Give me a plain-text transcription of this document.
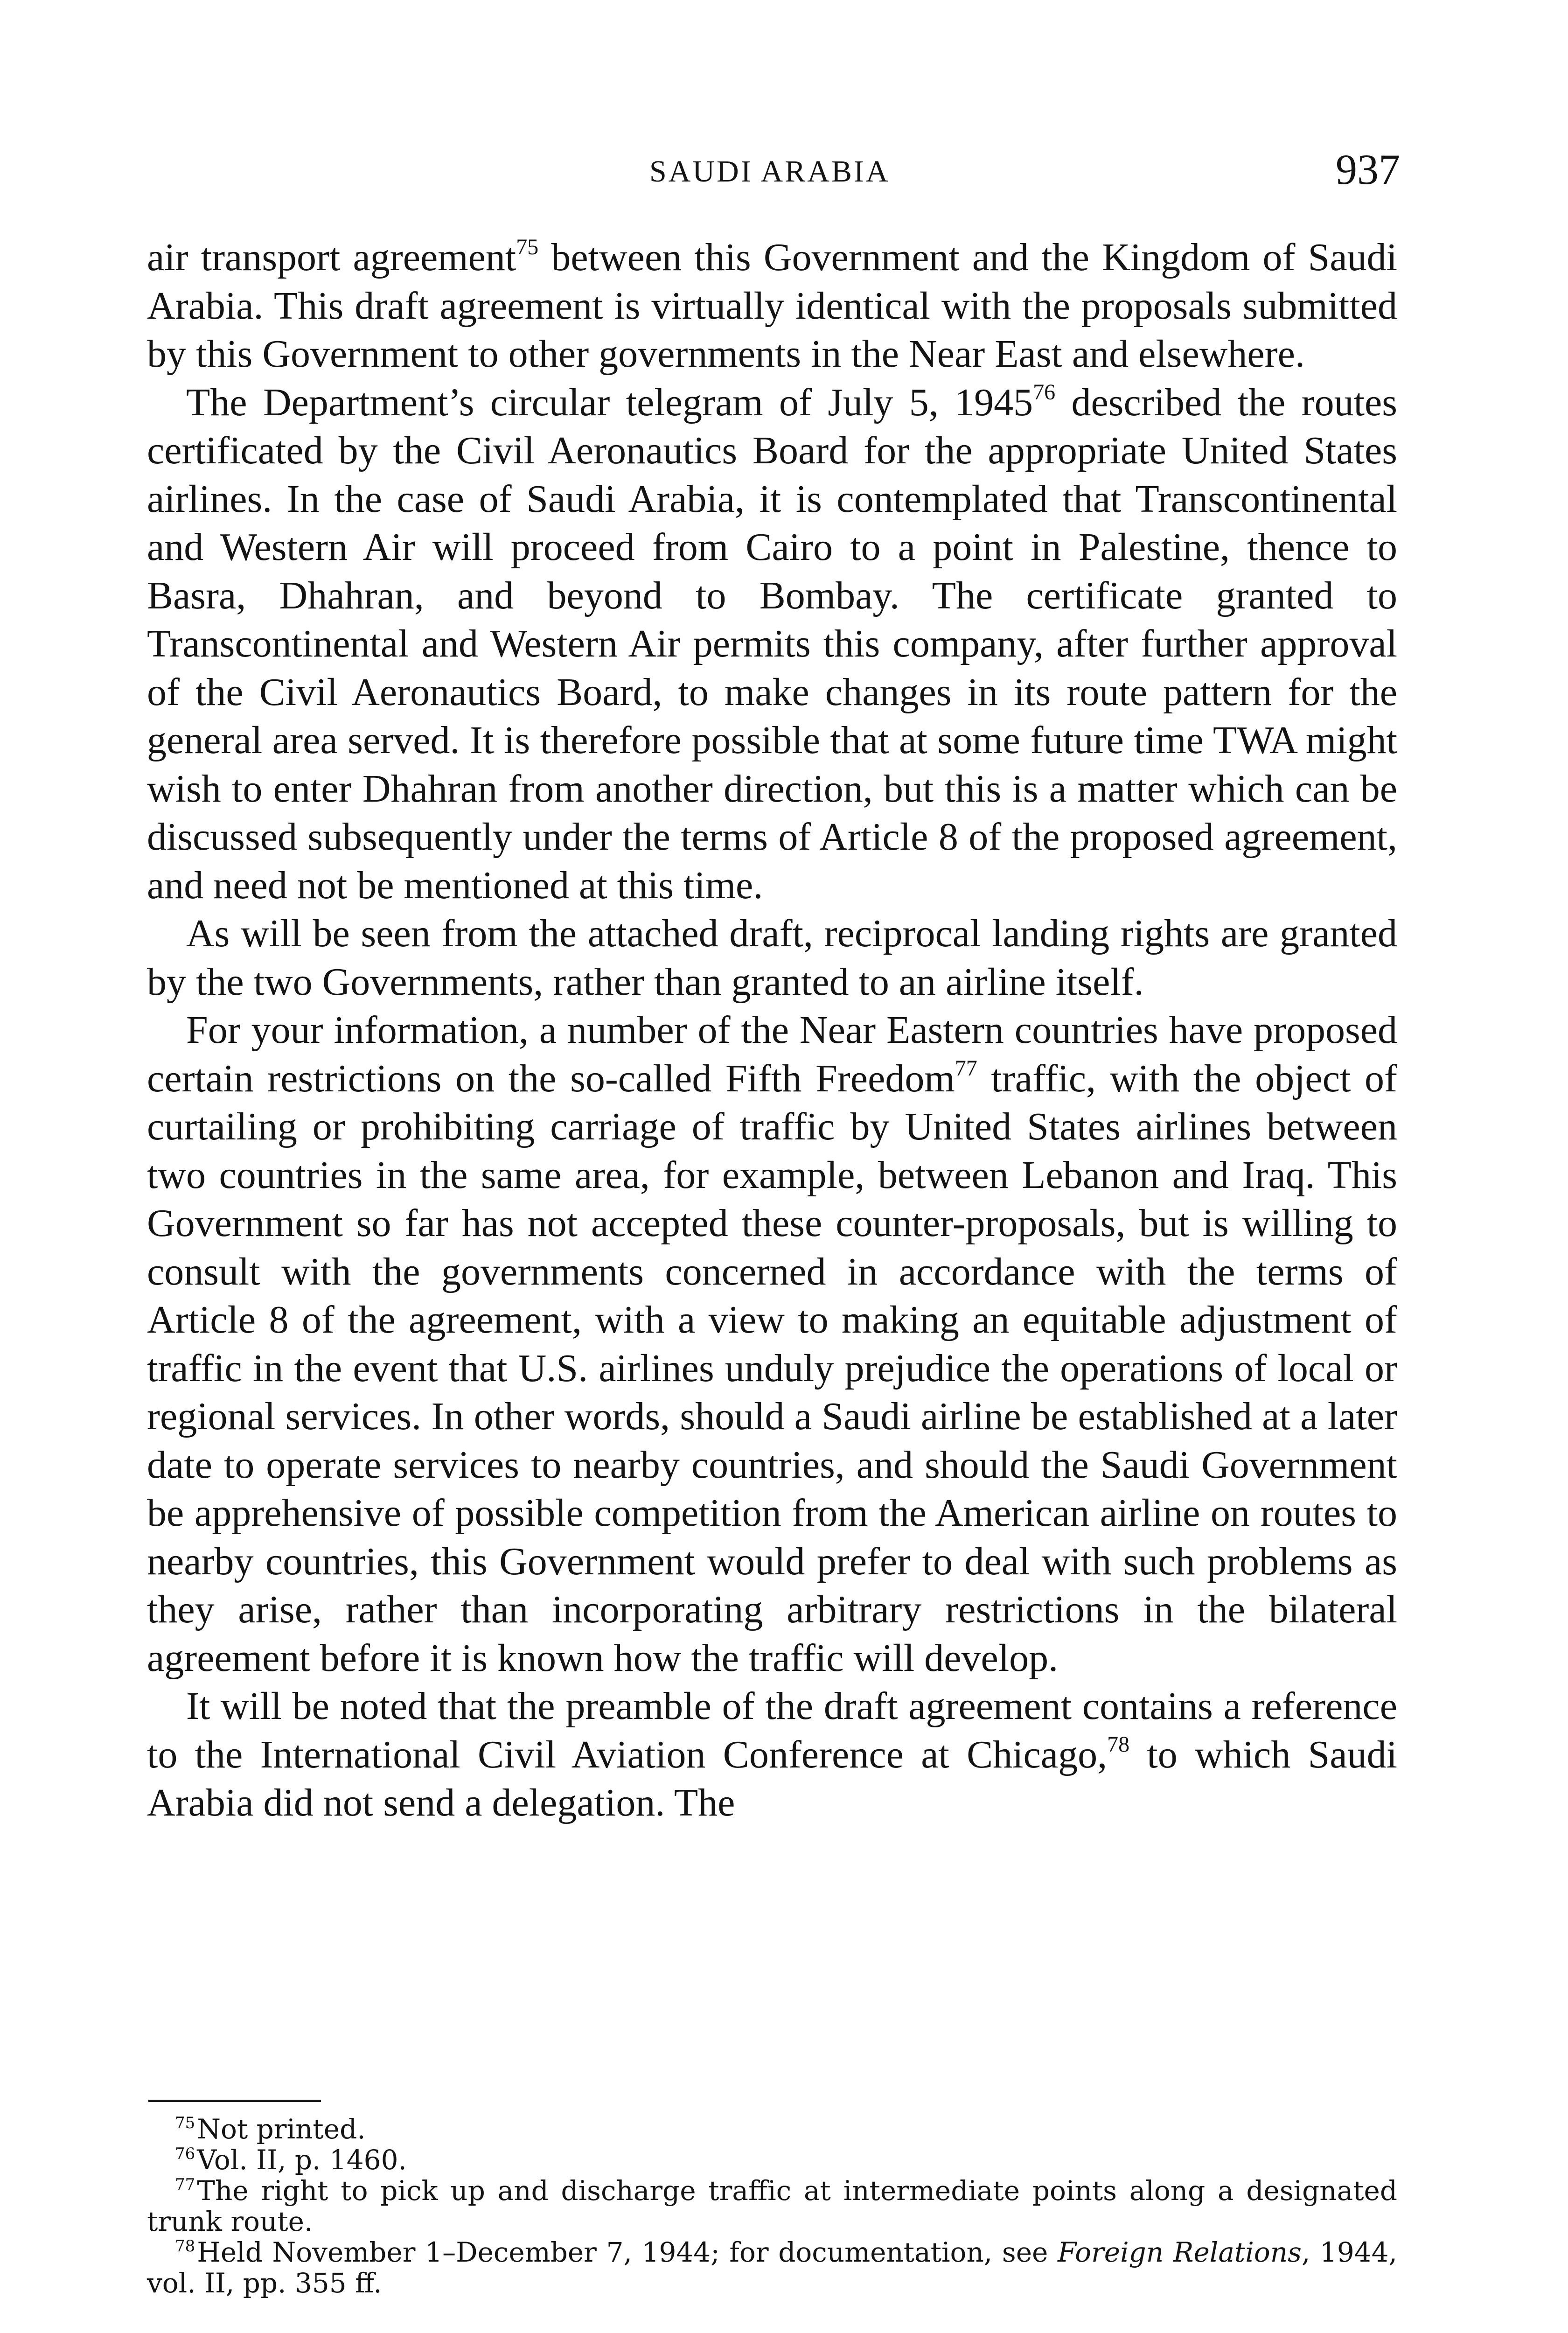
SAUDI ARABIA	937

air transport agreement$^{75}$ between this Government and the Kingdom of Saudi Arabia. This draft agreement is virtually identical with the proposals submitted by this Government to other governments in the Near East and elsewhere.

The Department’s circular telegram of July 5, 1945$^{76}$ described the routes certificated by the Civil Aeronautics Board for the appropriate United States airlines. In the case of Saudi Arabia, it is contemplated that Transcontinental and Western Air will proceed from Cairo to a point in Palestine, thence to Basra, Dhahran, and beyond to Bombay. The certificate granted to Transcontinental and Western Air permits this company, after further approval of the Civil Aeronautics Board, to make changes in its route pattern for the general area served. It is therefore possible that at some future time TWA might wish to enter Dhahran from another direction, but this is a matter which can be discussed subsequently under the terms of Article 8 of the proposed agreement, and need not be mentioned at this time.

As will be seen from the attached draft, reciprocal landing rights are granted by the two Governments, rather than granted to an airline itself.

For your information, a number of the Near Eastern countries have proposed certain restrictions on the so-called Fifth Freedom$^{77}$ traffic, with the object of curtailing or prohibiting carriage of traffic by United States airlines between two countries in the same area, for example, between Lebanon and Iraq. This Government so far has not accepted these counter-proposals, but is willing to consult with the governments concerned in accordance with the terms of Article 8 of the agreement, with a view to making an equitable adjustment of traffic in the event that U.S. airlines unduly prejudice the operations of local or regional services. In other words, should a Saudi airline be established at a later date to operate services to nearby countries, and should the Saudi Government be apprehensive of possible competition from the American airline on routes to nearby countries, this Government would prefer to deal with such problems as they arise, rather than incorporating arbitrary restrictions in the bilateral agreement before it is known how the traffic will develop.

It will be noted that the preamble of the draft agreement contains a reference to the International Civil Aviation Conference at Chicago,$^{78}$ to which Saudi Arabia did not send a delegation. The

75Not printed.

76Vol. II, p. 1460.

77The right to pick up and discharge traffic at intermediate points along a designated trunk route.

78Held November 1–December 7, 1944; for documentation, see Foreign Relations, 1944, vol. II, pp. 355 ff.
